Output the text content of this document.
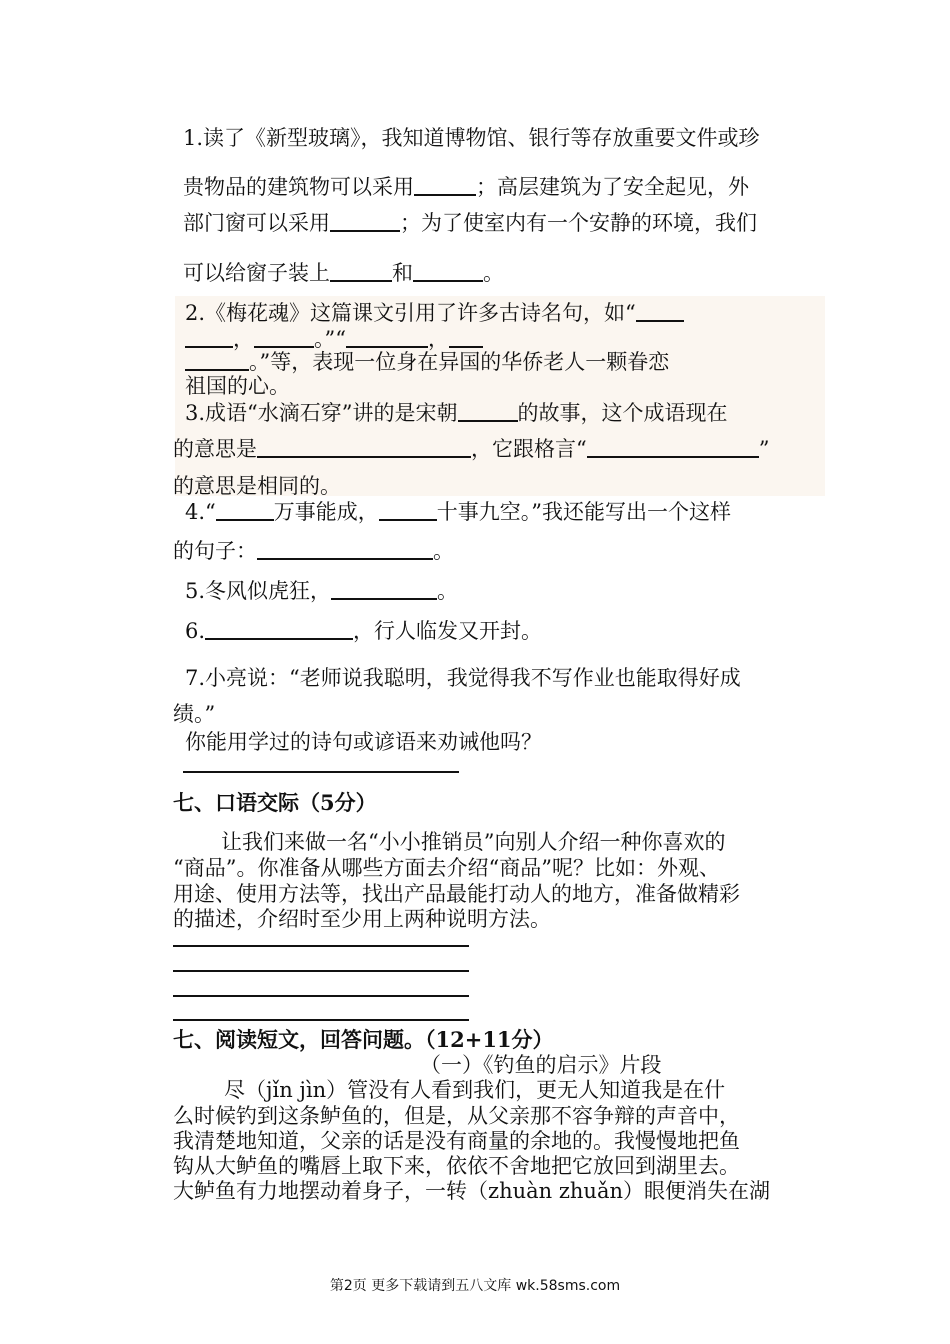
1.读了《新型玻璃》，我知道博物馆、银行等存放重要文件或珍
贵物品的建筑物可以采用	；高层建筑为了安全起见，外
部门窗可以采用	；为了使室内有一个安静的环境，我们
可以给窗子装上	和	。
2.《梅花魂》这篇课文引用了许多古诗名句，如“
，	。”“	，
。”等，表现一位身在异国的华侨老人一颗眷恋
祖国的心。
3.成语“水滴石穿”讲的是宋朝	的故事，这个成语现在
的意思是	，它跟格言“	”
的意思是相同的。
4.“	万事能成，	十事九空。”我还能写出一个这样
的句子：	。
5.冬风似虎狂，	。
6.	，行人临发又开封。
7.小亮说：“老师说我聪明，我觉得我不写作业也能取得好成
绩。”
你能用学过的诗句或谚语来劝诫他吗？
七、口语交际（5分）
让我们来做一名“小小推销员”向别人介绍一种你喜欢的
“商品”。你准备从哪些方面去介绍“商品”呢？比如：外观、
用途、使用方法等，找出产品最能打动人的地方，准备做精彩
的描述，介绍时至少用上两种说明方法。
七、阅读短文，回答问题。（12+11分）
（一）《钓鱼的启示》片段
尽（jǐn jìn）管没有人看到我们，更无人知道我是在什
么时候钓到这条鲈鱼的，但是，从父亲那不容争辩的声音中，
我清楚地知道，父亲的话是没有商量的余地的。我慢慢地把鱼
钩从大鲈鱼的嘴唇上取下来，依依不舍地把它放回到湖里去。
大鲈鱼有力地摆动着身子，一转（zhuàn zhuǎn）眼便消失在湖
第2页 更多下载请到五八文库 wk.58sms.com
